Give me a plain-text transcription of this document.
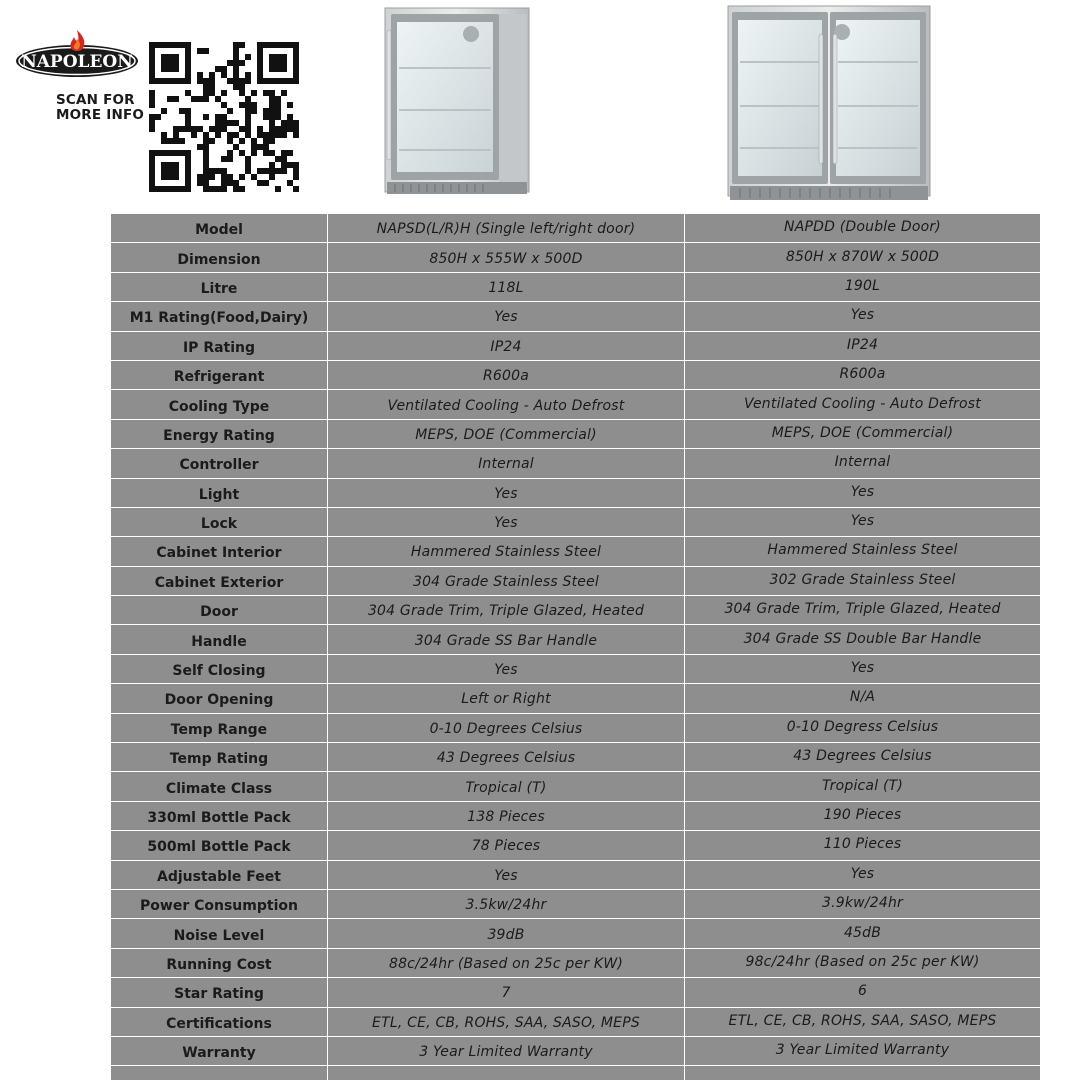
NAPOLEON
SCAN FOR
MORE INFO
Model	NAPSD(L/R)H (Single left/right door)	NAPDD (Double Door)
Dimension	850H x 555W x 500D	850H x 870W x 500D
Litre	118L	190L
M1 Rating(Food,Dairy)	Yes	Yes
IP Rating	IP24	IP24
Refrigerant	R600a	R600a
Cooling Type	Ventilated Cooling - Auto Defrost	Ventilated Cooling - Auto Defrost
Energy Rating	MEPS, DOE (Commercial)	MEPS, DOE (Commercial)
Controller	Internal	Internal
Light	Yes	Yes
Lock	Yes	Yes
Cabinet Interior	Hammered Stainless Steel	Hammered Stainless Steel
Cabinet Exterior	304 Grade Stainless Steel	302 Grade Stainless Steel
Door	304 Grade Trim, Triple Glazed, Heated	304 Grade Trim, Triple Glazed, Heated
Handle	304 Grade SS Bar Handle	304 Grade SS Double Bar Handle
Self Closing	Yes	Yes
Door Opening	Left or Right	N/A
Temp Range	0-10 Degrees Celsius	0-10 Degress Celsius
Temp Rating	43 Degrees Celsius	43 Degrees Celsius
Climate Class	Tropical (T)	Tropical (T)
330ml Bottle Pack	138 Pieces	190 Pieces
500ml Bottle Pack	78 Pieces	110 Pieces
Adjustable Feet	Yes	Yes
Power Consumption	3.5kw/24hr	3.9kw/24hr
Noise Level	39dB	45dB
Running Cost	88c/24hr (Based on 25c per KW)	98c/24hr (Based on 25c per KW)
Star Rating	7	6
Certifications	ETL, CE, CB, ROHS, SAA, SASO, MEPS	ETL, CE, CB, ROHS, SAA, SASO, MEPS
Warranty	3 Year Limited Warranty	3 Year Limited Warranty
